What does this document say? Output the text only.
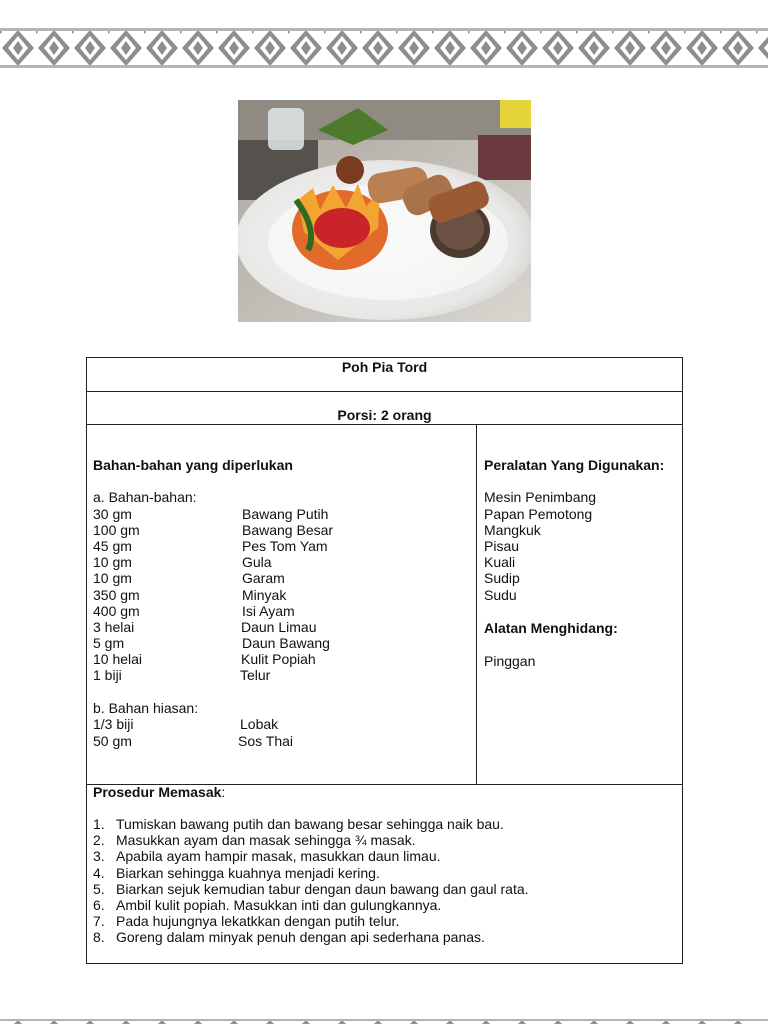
Poh Pia Tord
Porsi: 2 orang
Bahan-bahan yang diperlukan
a. Bahan-bahan:
30 gm	Bawang Putih
100 gm	Bawang Besar
45 gm	Pes Tom Yam
10 gm	Gula
10 gm	Garam
350 gm	Minyak
400 gm	Isi Ayam
3 helai	Daun Limau
5 gm	Daun Bawang
10 helai	Kulit Popiah
1 biji	Telur
b. Bahan hiasan:
1/3 biji	Lobak
50 gm	Sos Thai
Peralatan Yang Digunakan:
Mesin Penimbang
Papan Pemotong
Mangkuk
Pisau
Kuali
Sudip
Sudu
Alatan Menghidang:
Pinggan
Prosedur Memasak:
1. Tumiskan bawang putih dan bawang besar sehingga naik bau.
2. Masukkan ayam dan masak sehingga ¾ masak.
3. Apabila ayam hampir masak, masukkan daun limau.
4. Biarkan sehingga kuahnya menjadi kering.
5. Biarkan sejuk kemudian tabur dengan daun bawang dan gaul rata.
6. Ambil kulit popiah. Masukkan inti dan gulungkannya.
7. Pada hujungnya lekatkkan dengan putih telur.
8. Goreng dalam minyak penuh dengan api sederhana panas.
